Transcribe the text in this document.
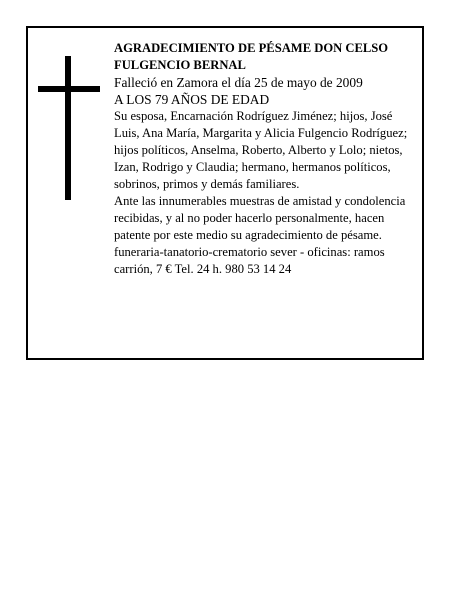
AGRADECIMIENTO DE PÉSAME DON CELSO FULGENCIO BERNAL

Falleció en Zamora el día 25 de mayo de 2009

A LOS 79 AÑOS DE EDAD

Su esposa, Encarnación Rodríguez Jiménez; hijos, José Luis, Ana María, Margarita y Alicia Fulgencio Rodríguez; hijos políticos, Anselma, Roberto, Alberto y Lolo; nietos, Izan, Rodrigo y Claudia; hermano, hermanos políticos, sobrinos, primos y demás familiares.

Ante las innumerables muestras de amistad y condolencia recibidas, y al no poder hacerlo personalmente, hacen patente por este medio su agradecimiento de pésame.

funeraria-tanatorio-crematorio sever - oficinas: ramos carrión, 7 € Tel. 24 h. 980 53 14 24
